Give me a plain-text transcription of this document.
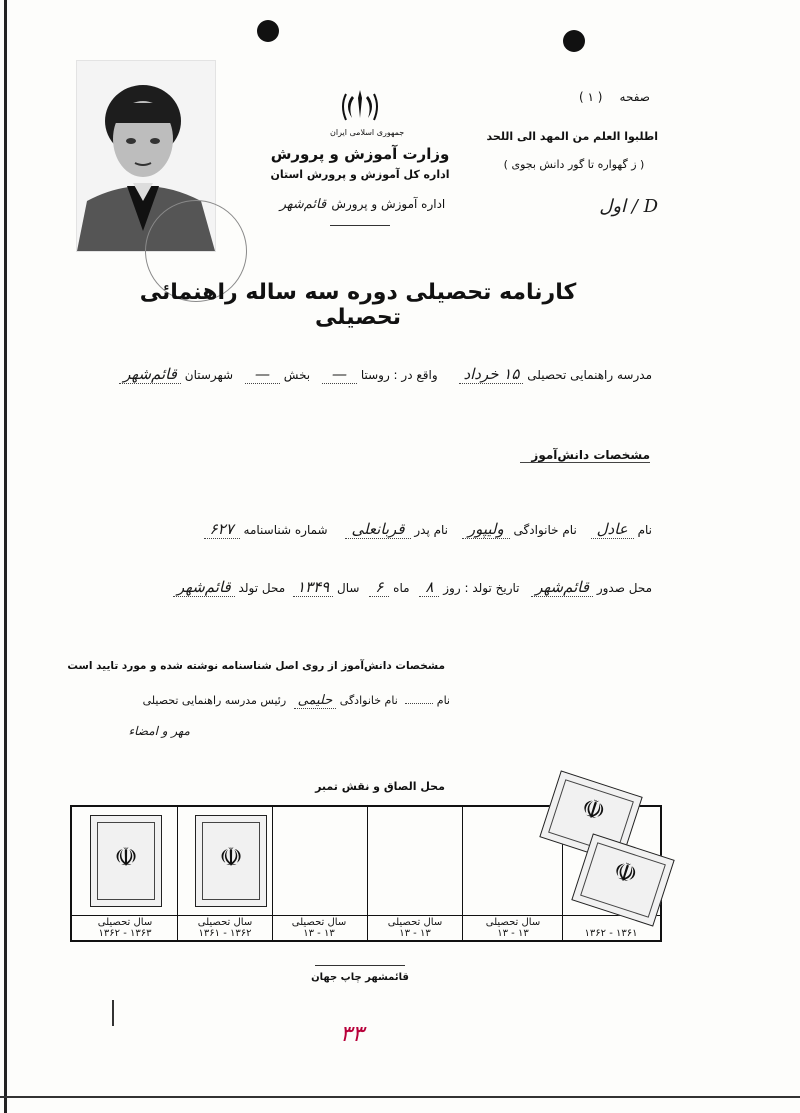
جمهوری اسلامی ایران
وزارت آموزش و پرورش
اداره کل آموزش و پرورش استان
اداره آموزش و پرورش قائم‌شهر
صفحه ( ۱ )
اطلبوا العلم من المهد الی اللحد
( ز گهواره تا گور دانش بجوی )
D / اول
کارنامه تحصیلی دوره سه ساله راهنمائی تحصیلی
مدرسه راهنمایی تحصیلی ۱۵ خرداد واقع در : روستا — بخش — شهرستان قائم‌شهر
مشخصات دانش‌آموز
نام عادل نام خانوادگی ولیپور نام پدر قربانعلی شماره شناسنامه ۶۲۷
محل صدور قائم‌شهر تاریخ تولد : روز ۸ ماه ۶ سال ۱۳۴۹ محل تولد قائم‌شهر
مشخصات دانش‌آموز از روی اصل شناسنامه نوشته شده و مورد تایید است
نام  نام خانوادگی حلیمی رئیس مدرسه راهنمایی تحصیلی
مهر و امضاء
محل الصاق و نقش تمبر
سال تحصیلی
۱۳۶۲ - ۱۳۶۳
سال تحصیلی
۱۳۶۱ - ۱۳۶۲
سال تحصیلی
۱۳ - ۱۳
سال تحصیلی
۱۳ - ۱۳
سال تحصیلی
۱۳ - ۱۳	۱۳۶۲ - ۱۳۶۱
☫	☫
☫
☫
قائمشهر چاپ جهان
۳۳
